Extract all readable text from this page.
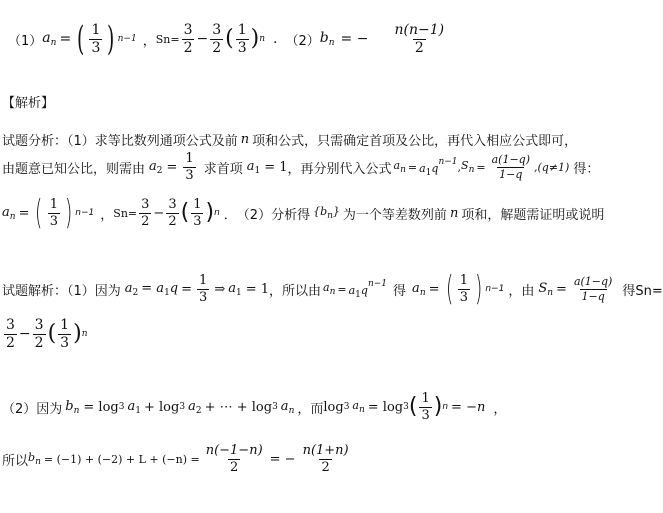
（1） $a_n$ = ( $\frac{1}{3}$ ) n−1 ， $Sn= \frac{3}{2} - \frac{3}{2}$ ( $\frac{1}{3}$ ) n . （2） $b_n$ = − $\frac{n(n-1)}{2}$
【解析】
试题分析：（1）求等比数列通项公式及前 n 项和公式，只需确定首项及公比，再代入相应公式即可，
由题意已知公比，则需由 $a_2 = \frac{1}{3}$ 求首项 $a_1 = 1$ ，再分别代入公式 $a_n = a_1q^{n-1}$ , $S_n = \frac{a(1-q)}{1-q} ,(q\ne 1)$ 得：
$a_n$ = ( $\frac{1}{3}$ ) n−1 ， $Sn= \frac{3}{2} - \frac{3}{2}$ ( $\frac{1}{3}$ ) n ． （2）分析得 $\{b_n\}$ 为一个等差数列前 n 项和，解题需证明或说明
试题解析：（1）因为 $a_2 = a_1q = \frac{1}{3}$ ⇒ $a_1 = 1$ ，所以由 $a_n = a_1q^{n-1}$ 得 $a_n$ = ( $\frac{1}{3}$ ) n−1 ，由 $S_n = \frac{a(1-q)}{1-q}$ 得Sn=
$\frac{3}{2} - \frac{3}{2}$ ( $\frac{1}{3}$ ) n
（2）因为 $b_n = \log 3$ $a_1 + \log 3$ $a_2$ + ⋯ + log 3 $a_n$ ，而 log 3 $a_n = \log 3$ ( $\frac{1}{3}$ ) n = −n ，
所以 $b_n = (-1) + (-2) + L + (-n) = \frac{n(-1-n)}{2}$ = − $\frac{n(1+n)}{2}$
